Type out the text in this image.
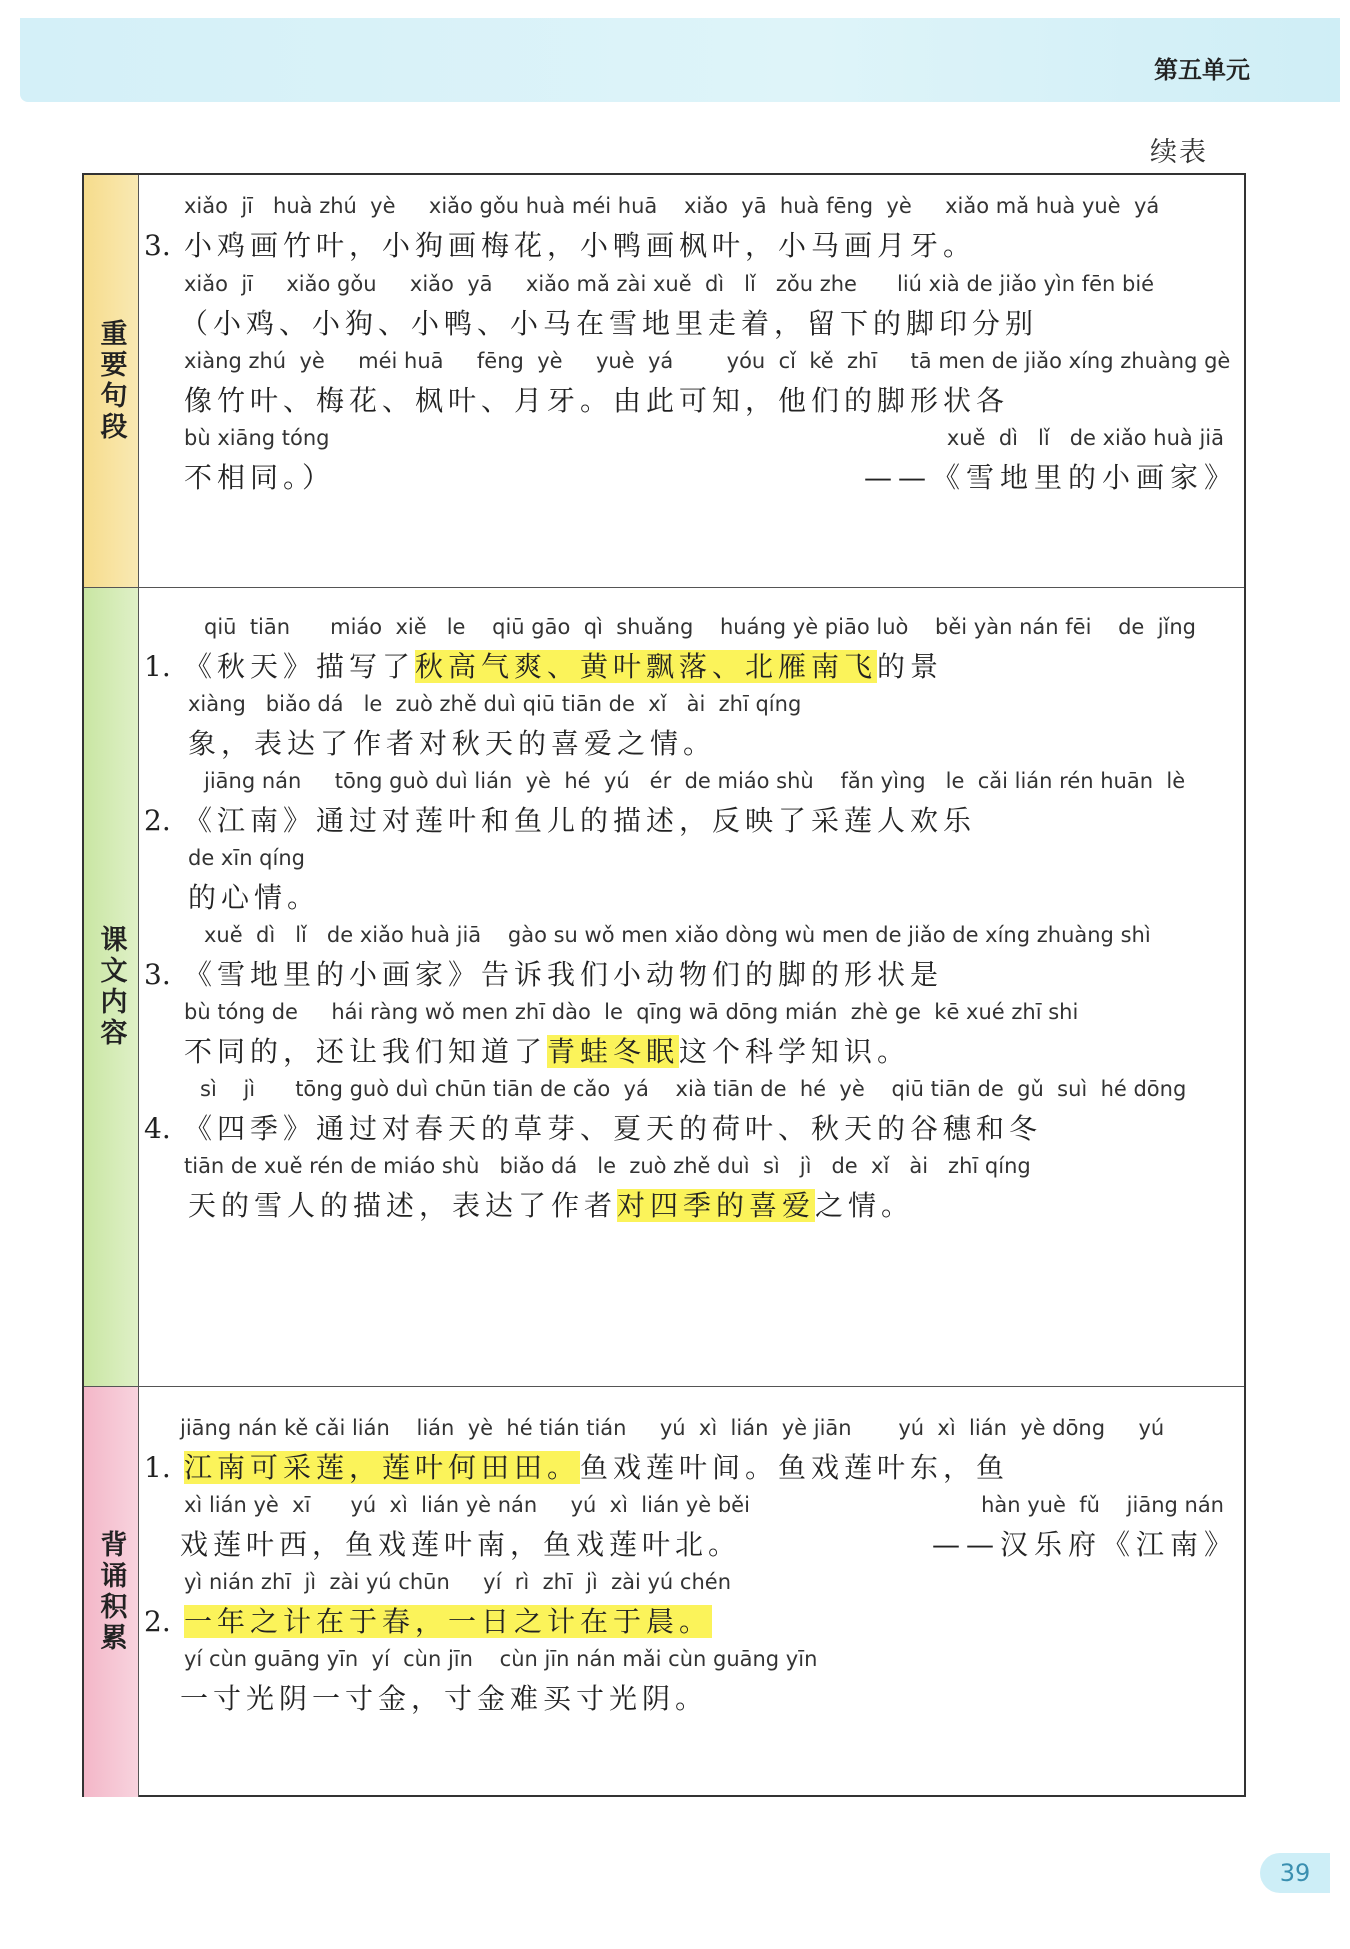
第五单元
续表
重要句段
xiǎo  jī   huà zhú  yè     xiǎo gǒu huà méi huā    xiǎo  yā  huà fēng  yè     xiǎo mǎ huà yuè  yá
3. 小鸡画竹叶，小狗画梅花，小鸭画枫叶，小马画月牙。
xiǎo  jī     xiǎo gǒu     xiǎo  yā     xiǎo mǎ zài xuě  dì   lǐ   zǒu zhe      liú xià de jiǎo yìn fēn bié
（小鸡、小狗、小鸭、小马在雪地里走着，留下的脚印分别
xiàng zhú  yè     méi huā     fēng  yè     yuè  yá        yóu  cǐ  kě  zhī     tā men de jiǎo xíng zhuàng gè
像竹叶、梅花、枫叶、月牙。由此可知，他们的脚形状各
bù xiāng tóng	xuě  dì   lǐ   de xiǎo huà jiā
不相同。）	——《雪地里的小画家》
课文内容
qiū  tiān      miáo  xiě   le    qiū gāo  qì  shuǎng    huáng yè piāo luò    běi yàn nán fēi    de  jǐng
1. 《秋天》描写了秋高气爽、黄叶飘落、北雁南飞的景
xiàng   biǎo dá   le  zuò zhě duì qiū tiān de  xǐ   ài  zhī qíng
象，表达了作者对秋天的喜爱之情。
jiāng nán     tōng guò duì lián  yè  hé  yú   ér  de miáo shù    fǎn yìng   le  cǎi lián rén huān  lè
2. 《江南》通过对莲叶和鱼儿的描述，反映了采莲人欢乐
de xīn qíng
的心情。
xuě  dì   lǐ   de xiǎo huà jiā    gào su wǒ men xiǎo dòng wù men de jiǎo de xíng zhuàng shì
3. 《雪地里的小画家》告诉我们小动物们的脚的形状是
bù tóng de     hái ràng wǒ men zhī dào  le  qīng wā dōng mián  zhè ge  kē xué zhī shi
不同的，还让我们知道了青蛙冬眠这个科学知识。
sì    jì      tōng guò duì chūn tiān de cǎo  yá    xià tiān de  hé  yè    qiū tiān de  gǔ  suì  hé dōng
4. 《四季》通过对春天的草芽、夏天的荷叶、秋天的谷穗和冬
tiān de xuě rén de miáo shù   biǎo dá   le  zuò zhě duì  sì   jì   de  xǐ   ài   zhī qíng
天的雪人的描述，表达了作者对四季的喜爱之情。
背诵积累
jiāng nán kě cǎi lián    lián  yè  hé tián tián     yú  xì  lián  yè jiān       yú  xì  lián  yè dōng     yú
1. 江南可采莲，莲叶何田田。鱼戏莲叶间。鱼戏莲叶东，鱼
xì lián yè  xī      yú  xì  lián yè nán     yú  xì  lián yè běi	hàn yuè  fǔ    jiāng nán
戏莲叶西，鱼戏莲叶南，鱼戏莲叶北。	——汉乐府《江南》
yì nián zhī  jì  zài yú chūn     yí  rì  zhī  jì  zài yú chén
2. 一年之计在于春，一日之计在于晨。
yí cùn guāng yīn  yí  cùn jīn    cùn jīn nán mǎi cùn guāng yīn
一寸光阴一寸金，寸金难买寸光阴。
39
